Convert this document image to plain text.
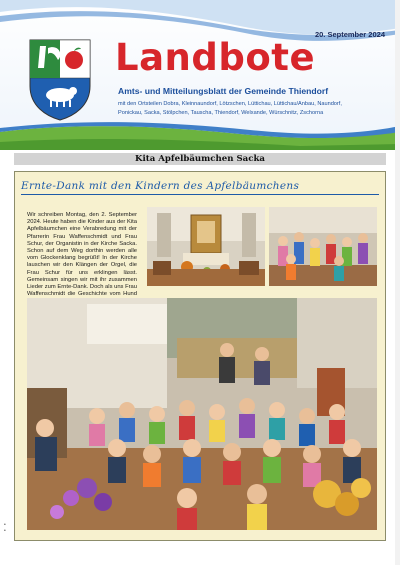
20. September 2024
Landbote
Amts- und Mitteilungsblatt der Gemeinde Thiendorf
mit den Ortsteilen Dobra, Kleinnaundorf, Lötzschen, Lüttichau, Lüttichau/Anbau, Naundorf,
Ponickau, Sacka, Stölpchen, Tauscha, Thiendorf, Welxande, Würschnitz, Zschorna
Kita Apfelbäumchen Sacka
Ernte-Dank mit den Kindern des Apfelbäumchens

Wir schreiben Montag, den 2. September 2024. Heute haben die Kinder aus der Kita Apfelbäumchen eine Verabredung mit der Pfarrerin Frau Waffenschmidt und Frau Schur, der Organistin in der Kirche Sacka. Schon auf dem Weg dorthin werden alle vom Glockenklang begrüßt! In der Kirche lauschen wir den Klängen der Orgel, die Frau Schur für uns erklingen lässt. Gemeinsam singen wir mit ihr zusammen Lieder zum Ernte-Dank. Doch als uns Frau Waffenschmidt die Geschichte vom Hund

•
•
